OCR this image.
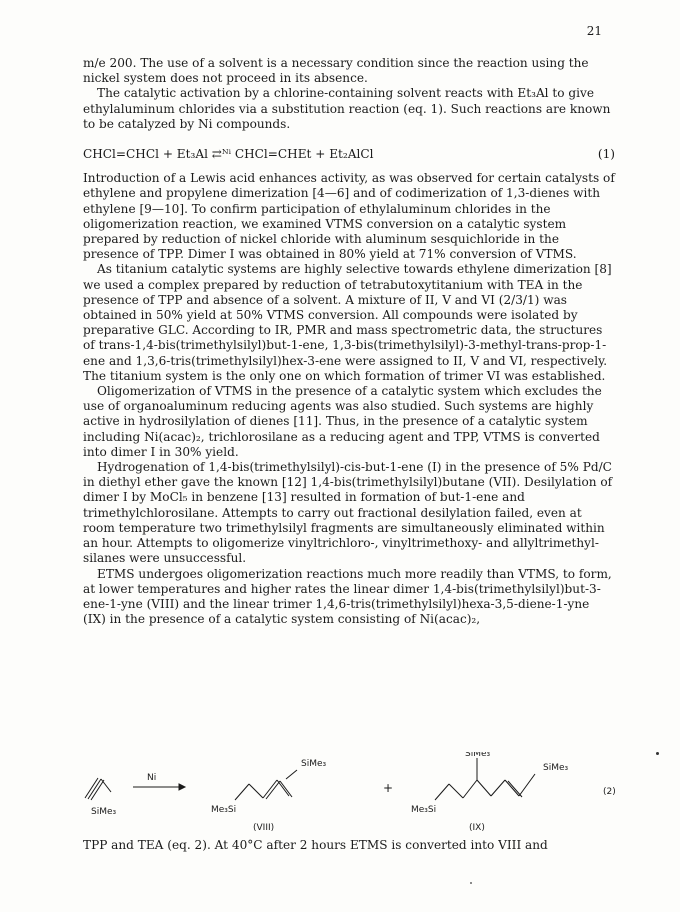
21

m/e 200. The use of a solvent is a necessary condition since the reaction using the nickel system does not proceed in its absence.

The catalytic activation by a chlorine-containing solvent reacts with Et₃Al to give ethylaluminum chlorides via a substitution reaction (eq. 1). Such reactions are known to be catalyzed by Ni compounds.

CHCl=CHCl + Et₃Al ⇄ᴺⁱ CHCl=CHEt + Et₂AlCl	(1)

Introduction of a Lewis acid enhances activity, as was observed for certain catalysts of ethylene and propylene dimerization [4—6] and of codimerization of 1,3-dienes with ethylene [9—10]. To confirm participation of ethylaluminum chlorides in the oligomerization reaction, we examined VTMS conversion on a catalytic system prepared by reduction of nickel chloride with aluminum sesquichloride in the presence of TPP. Dimer I was obtained in 80% yield at 71% conversion of VTMS.

As titanium catalytic systems are highly selective towards ethylene dimerization [8] we used a complex prepared by reduction of tetrabutoxytitanium with TEA in the presence of TPP and absence of a solvent. A mixture of II, V and VI (2/3/1) was obtained in 50% yield at 50% VTMS conversion. All compounds were isolated by preparative GLC. According to IR, PMR and mass spectrometric data, the structures of trans-1,4-bis(trimethylsilyl)but-1-ene, 1,3-bis(trimethylsilyl)-3-methyl-trans-prop-1-ene and 1,3,6-tris(trimethylsilyl)hex-3-ene were assigned to II, V and VI, respectively. The titanium system is the only one on which formation of trimer VI was established.

Oligomerization of VTMS in the presence of a catalytic system which excludes the use of organoaluminum reducing agents was also studied. Such systems are highly active in hydrosilylation of dienes [11]. Thus, in the presence of a catalytic system including Ni(acac)₂, trichlorosilane as a reducing agent and TPP, VTMS is converted into dimer I in 30% yield.

Hydrogenation of 1,4-bis(trimethylsilyl)-cis-but-1-ene (I) in the presence of 5% Pd/C in diethyl ether gave the known [12] 1,4-bis(trimethylsilyl)butane (VII). Desilylation of dimer I by MoCl₅ in benzene [13] resulted in formation of but-1-ene and trimethylchlorosilane. Attempts to carry out fractional desilylation failed, even at room temperature two trimethylsilyl fragments are simultaneously eliminated within an hour. Attempts to oligomerize vinyltrichloro-, vinyltrimethoxy- and allyltrimethyl-silanes were unsuccessful.

ETMS undergoes oligomerization reactions much more readily than VTMS, to form, at lower temperatures and higher rates the linear dimer 1,4-bis(trimethylsilyl)but-3-ene-1-yne (VIII) and the linear trimer 1,4,6-tris(trimethylsilyl)hexa-3,5-diene-1-yne (IX) in the presence of a catalytic system consisting of Ni(acac)₂,

SiMe₃
Ni
SiMe₃
Me₃Si
(VIII)
+
SiMe₃
SiMe₃
Me₃Si
(IX)
(2)
TPP and TEA (eq. 2). At 40°C after 2 hours ETMS is converted into VIII and
